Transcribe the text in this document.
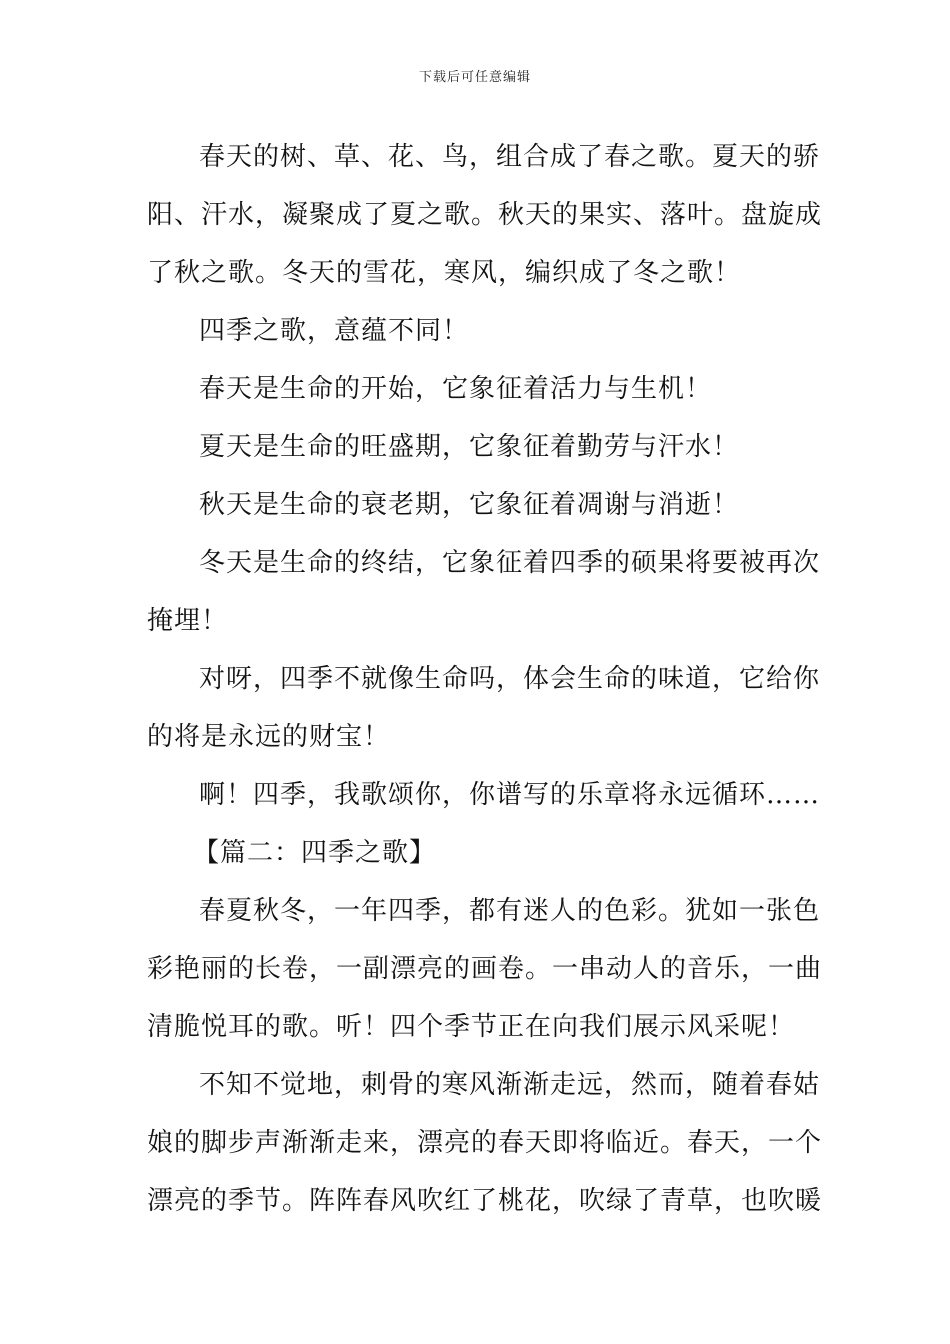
下载后可任意编辑
春天的树、草、花、鸟，组合成了春之歌。夏天的骄
阳、汗水，凝聚成了夏之歌。秋天的果实、落叶。盘旋成
了秋之歌。冬天的雪花，寒风，编织成了冬之歌！
四季之歌，意蕴不同！
春天是生命的开始，它象征着活力与生机！
夏天是生命的旺盛期，它象征着勤劳与汗水！
秋天是生命的衰老期，它象征着凋谢与消逝！
冬天是生命的终结，它象征着四季的硕果将要被再次
掩埋！
对呀，四季不就像生命吗，体会生命的味道，它给你
的将是永远的财宝！
啊！四季，我歌颂你，你谱写的乐章将永远循环……
【篇二：四季之歌】
春夏秋冬，一年四季，都有迷人的色彩。犹如一张色
彩艳丽的长卷，一副漂亮的画卷。一串动人的音乐，一曲
清脆悦耳的歌。听！四个季节正在向我们展示风采呢！
不知不觉地，刺骨的寒风渐渐走远，然而，随着春姑
娘的脚步声渐渐走来，漂亮的春天即将临近。春天，一个
漂亮的季节。阵阵春风吹红了桃花，吹绿了青草，也吹暖
